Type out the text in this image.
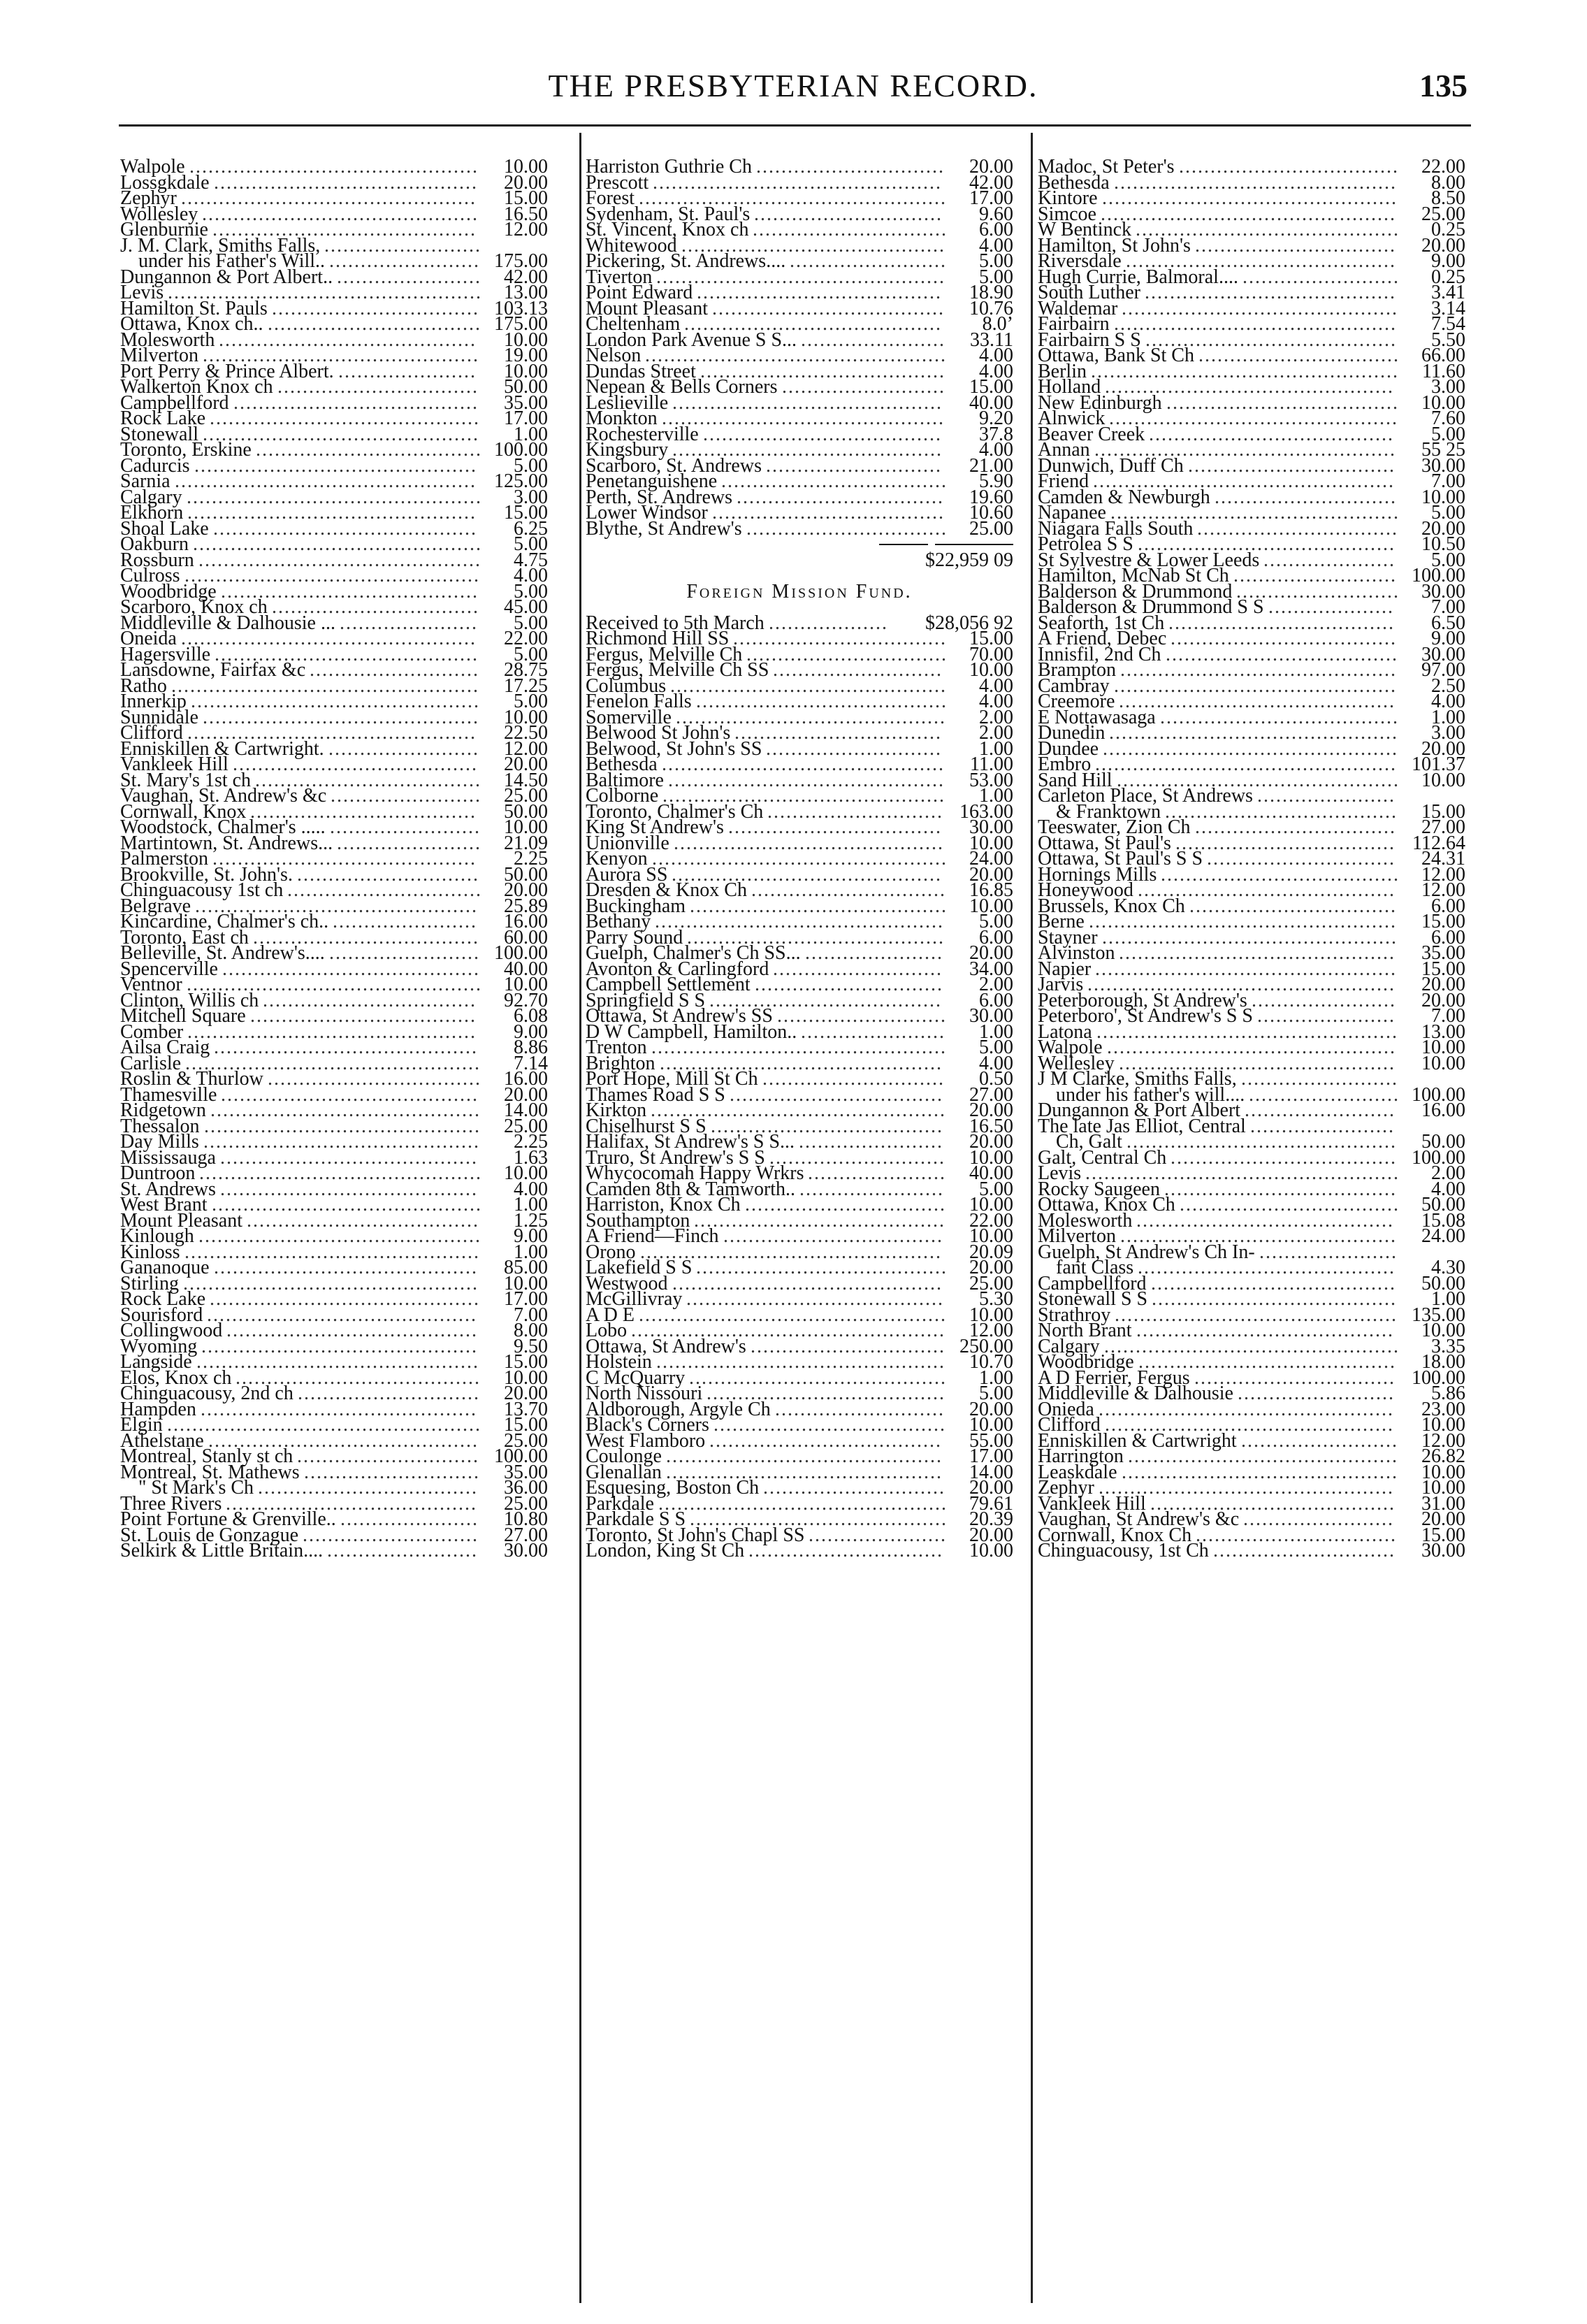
THE PRESBYTERIAN RECORD.	135
Walpole ..............................................	10.00
Lossgkdale ..........................................	20.00
Zephyr ...............................................	15.00
Wollesley ............................................	16.50
Glenburnie ..........................................	12.00
J. M. Clark, Smiths Falls, .........................
under his Father's Will.. ........................ 175.00
Dungannon & Port Albert.. .......................	42.00
Levis ..................................................	13.00
Hamilton St. Pauls ................................. 103.13
Ottawa, Knox ch.. .................................. 175.00
Molesworth .........................................	10.00
Milverton ............................................	19.00
Port Perry & Prince Albert. ......................	10.00
Walkerton Knox ch ................................	50.00
Campbellford .......................................	35.00
Rock Lake ...........................................	17.00
Stonewall ............................................	1.00
Toronto, Erskine .................................... 100.00
Cadurcis .............................................	5.00
Sarnia ................................................ 125.00
Calgary ...............................................	3.00
Elkhorn ..............................................	15.00
Shoal Lake ..........................................	6.25
Oakburn ..............................................	5.00
Rossburn .............................................	4.75
Culross ...............................................	4.00
Woodbridge .........................................	5.00
Scarboro, Knox ch .................................	45.00
Middleville & Dalhousie ... ......................	5.00
Oneida ...............................................	22.00
Hagersville ..........................................	5.00
Lansdowne, Fairfax &c ...........................	28.75
Ratho .................................................	17.25
Innerkip ..............................................	5.00
Sunnidale ............................................	10.00
Clifford ..............................................	22.50
Enniskillen & Cartwright. ........................	12.00
Vankleek Hill .......................................	20.00
St. Mary's 1st ch ....................................	14.50
Vaughan, St. Andrew's &c ........................	25.00
Cornwall, Knox ....................................	50.00
Woodstock, Chalmer's ..... ........................	10.00
Martintown, St. Andrews... .......................	21.09
Palmerston ..........................................	2.25
Brookville, St. John's. .............................	50.00
Chinguacousy 1st ch ...............................	20.00
Belgrave .............................................	25.89
Kincardine, Chalmer's ch.. .......................	16.00
Toronto, East ch ....................................	60.00
Belleville, St. Andrew's.... ........................ 100.00
Spencerville .........................................	40.00
Ventnor ...............................................	10.00
Clinton, Willis ch ..................................	92.70
Mitchell Square ....................................	6.08
Comber ..............................................	9.00
Ailsa Craig ..........................................	8.86
Carlisle ...............................................	7.14
Roslin & Thurlow ..................................	16.00
Thamesville .........................................	20.00
Ridgetown ...........................................	14.00
Thessalon ............................................	25.00
Day Mills ............................................	2.25
Mississauga .........................................	1.63
Duntroon .............................................	10.00
St. Andrews .........................................	4.00
West Brant ...........................................	1.00
Mount Pleasant .....................................	1.25
Kinlough .............................................	9.00
Kinloss ...............................................	1.00
Gananoque ..........................................	85.00
Stirling ...............................................	10.00
Rock Lake ...........................................	17.00
Sourisford ...........................................	7.00
Collingwood ........................................	8.00
Wyoming ............................................	9.50
Langside .............................................	15.00
Elos, Knox ch .......................................	10.00
Chinguacousy, 2nd ch .............................	20.00
Hampden ............................................	13.70
Elgin ..................................................	15.00
Athelstane ...........................................	25.00
Montreal, Stanly st ch ............................. 100.00
Montreal, St. Mathews ............................	35.00
" St Mark's Ch ...................................	36.00
Three Rivers ........................................	25.00
Point Fortune & Grenville.. ......................	10.80
St. Louis de Gonzague ............................	27.00
Selkirk & Little Britain.... ........................	30.00
Harriston Guthrie Ch ..............................	20.00
Prescott ..............................................	42.00
Forest .................................................	17.00
Sydenham, St. Paul's ..............................	9.60
St. Vincent, Knox ch ...............................	6.00
Whitewood ..........................................	4.00
Pickering, St. Andrews.... .........................	5.00
Tiverton ..............................................	5.00
Point Edward .......................................	18.90
Mount Pleasant .....................................	10.76
Cheltenham .........................................	8.0’
London Park Avenue S S... .......................	33.11
Nelson ................................................	4.00
Dundas Street .......................................	4.00
Nepean & Bells Corners ..........................	15.00
Leslieville ...........................................	40.00
Monkton .............................................	9.20
Rochesterville ......................................	37.8
Kingsbury ...........................................	4.00
Scarboro, St. Andrews ............................	21.00
Penetanguishene ....................................	5.90
Perth, St. Andrews .................................	19.60
Lower Windsor .....................................	10.60
Blythe, St Andrew's ................................	25.00
$22,959 09
Foreign Mission Fund.
Received to 5th March ...................	$28,056 92
Richmond Hill SS ..................................	15.00
Fergus, Melville Ch ................................	70.00
Fergus, Melville Ch SS ...........................	10.00
Columbus ............................................	4.00
Fenelon Falls ........................................	4.00
Somerville ...........................................	2.00
Belwood St John's .................................	2.00
Belwood, St John's SS ............................	1.00
Bethesda .............................................	11.00
Baltimore ............................................	53.00
Colborne .............................................	1.00
Toronto, Chalmer's Ch ............................ 163.00
King St Andrew's ..................................	30.00
Unionville ...........................................	10.00
Kenyon ...............................................	24.00
Aurora SS ...........................................	20.00
Dresden & Knox Ch ...............................	16.85
Buckingham .........................................	10.00
Bethany ..............................................	5.00
Parry Sound .........................................	6.00
Guelph, Chalmer's Ch SS... ......................	20.00
Avonton & Carlingford ...........................	34.00
Campbell Settlement ..............................	2.00
Springfield S S .....................................	6.00
Ottawa, St Andrew's SS ...........................	30.00
D W Campbell, Hamilton.. .......................	1.00
Trenton ...............................................	5.00
Brighton .............................................	4.00
Port Hope, Mill St Ch .............................	0.50
Thames Road S S ..................................	27.00
Kirkton ...............................................	20.00
Chiselhurst S S .....................................	16.50
Halifax, St Andrew's S S... .......................	20.00
Truro, St Andrew's S S ............................	10.00
Whycocomah Happy Wrkrs ......................	40.00
Camden 8th & Tamworth.. .......................	5.00
Harriston, Knox Ch ................................	10.00
Southampton ........................................	22.00
A Friend—Finch ...................................	10.00
Orono ................................................	20.09
Lakefield S S ........................................	20.00
Westwood ...........................................	25.00
McGillivray .........................................	5.30
A D E .................................................	10.00
Lobo ..................................................	12.00
Ottawa, St Andrew's ............................... 250.00
Holstein ..............................................	10.70
C McQuarry .........................................	1.00
North Nissouri ......................................	5.00
Aldborough, Argyle Ch ...........................	20.00
Black's Corners .....................................	10.00
West Flamboro .....................................	55.00
Coulonge ............................................	17.00
Glenallan ............................................	14.00
Esquesing, Boston Ch .............................	20.00
Parkdale ..............................................	79.61
Parkdale S S .........................................	20.39
Toronto, St John's Chapl SS ......................	20.00
London, King St Ch ...............................	10.00
Madoc, St Peter's ...................................	22.00
Bethesda .............................................	8.00
Kintore ...............................................	8.50
Simcoe ...............................................	25.00
W Bentinck ..........................................	0.25
Hamilton, St John's ................................	20.00
Riversdale ...........................................	9.00
Hugh Currie, Balmoral.... .........................	0.25
South Luther ........................................	3.41
Waldemar ............................................	3.14
Fairbairn .............................................	7.54
Fairbairn S S ........................................	5.50
Ottawa, Bank St Ch ................................	66.00
Berlin .................................................	11.60
Holland ..............................................	3.00
New Edinburgh .....................................	10.00
Alnwick ..............................................	7.60
Beaver Creek .......................................	5.00
Annan ................................................	55 25
Dunwich, Duff Ch .................................	30.00
Friend ................................................	7.00
Camden & Newburgh .............................	10.00
Napanee ..............................................	5.00
Niagara Falls South ................................	20.00
Petrolea S S .........................................	10.50
St Sylvestre & Lower Leeds .....................	5.00
Hamilton, McNab St Ch .......................... 100.00
Balderson & Drummond ..........................	30.00
Balderson & Drummond S S ....................	7.00
Seaforth, 1st Ch ....................................	6.50
A Friend, Debec ....................................	9.00
Innisfil, 2nd Ch .....................................	30.00
Brampton ............................................	97.00
Cambray .............................................	2.50
Creemore ............................................	4.00
E Nottawasaga ......................................	1.00
Dunedin ..............................................	3.00
Dundee ...............................................	20.00
Embro ................................................ 101.37
Sand Hill .............................................	10.00
Carleton Place, St Andrews ......................
& Franktown .....................................	15.00
Teeswater, Zion Ch ................................	27.00
Ottawa, St Paul's ................................... 112.64
Ottawa, St Paul's S S ..............................	24.31
Hornings Mills ......................................	12.00
Honeywood .........................................	12.00
Brussels, Knox Ch .................................	6.00
Berne .................................................	15.00
Stayner ...............................................	6.00
Alvinston ............................................	35.00
Napier ................................................	15.00
Jarvis .................................................	20.00
Peterborough, St Andrew's .......................	20.00
Peterboro', St Andrew's S S ......................	7.00
Latona ................................................	13.00
Walpole ..............................................	10.00
Wellesley ............................................	10.00
J M Clarke, Smiths Falls, .........................
under his father's will.... ........................ 100.00
Dungannon & Port Albert ........................	16.00
The late Jas Elliot, Central .......................
Ch, Galt ...........................................	50.00
Galt, Central Ch .................................... 100.00
Levis ..................................................	2.00
Rocky Saugeen .....................................	4.00
Ottawa, Knox Ch ...................................	50.00
Molesworth .........................................	15.08
Milverton ............................................	24.00
Guelph, St Andrew's Ch In- ......................
fant Class .........................................	4.30
Campbellford .......................................	50.00
Stonewall S S .......................................	1.00
Strathroy ............................................. 135.00
North Brant .........................................	10.00
Calgary ...............................................	3.35
Woodbridge .........................................	18.00
A D Ferrier, Fergus ................................ 100.00
Middleville & Dalhousie .........................	5.86
Onieda ...............................................	23.00
Clifford ..............................................	10.00
Enniskillen & Cartwright .........................	12.00
Harrington ...........................................	26.82
Leaskdale ............................................	10.00
Zephyr ...............................................	10.00
Vankleek Hill .......................................	31.00
Vaughan, St Andrew's &c ........................	20.00
Cornwall, Knox Ch ................................	15.00
Chinguacousy, 1st Ch .............................	30.00
